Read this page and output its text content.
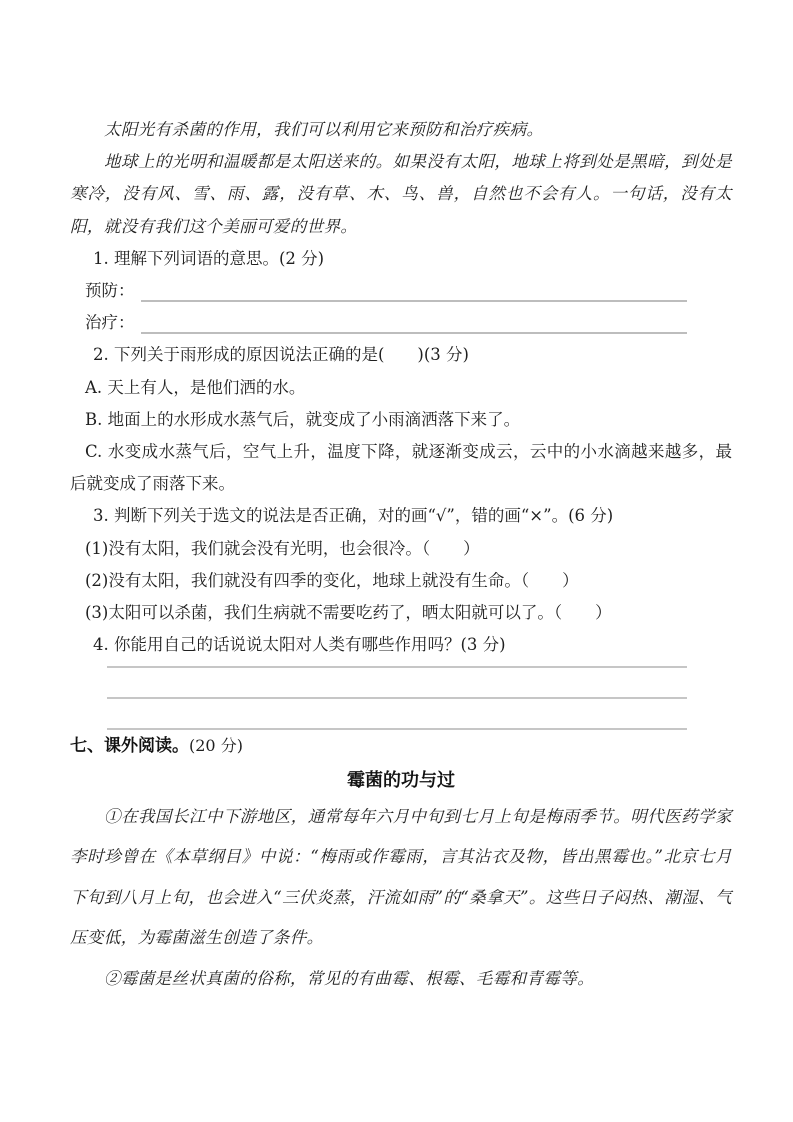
太阳光有杀菌的作用，我们可以利用它来预防和治疗疾病。

地球上的光明和温暖都是太阳送来的。如果没有太阳，地球上将到处是黑暗，到处是寒冷，没有风、雪、雨、露，没有草、木、鸟、兽，自然也不会有人。一句话，没有太阳，就没有我们这个美丽可爱的世界。

1. 理解下列词语的意思。(2 分)

预防：
治疗：

2. 下列关于雨形成的原因说法正确的是(　　)(3 分)

A. 天上有人，是他们洒的水。

B. 地面上的水形成水蒸气后，就变成了小雨滴洒落下来了。

C. 水变成水蒸气后，空气上升，温度下降，就逐渐变成云，云中的小水滴越来越多，最后就变成了雨落下来。

3. 判断下列关于选文的说法是否正确，对的画“√”，错的画“×”。(6 分)

(1)没有太阳，我们就会没有光明，也会很冷。（　　）

(2)没有太阳，我们就没有四季的变化，地球上就没有生命。（　　）

(3)太阳可以杀菌，我们生病就不需要吃药了，晒太阳就可以了。（　　）

4. 你能用自己的话说说太阳对人类有哪些作用吗？(3 分)

七、课外阅读。(20 分)

霉菌的功与过

①在我国长江中下游地区，通常每年六月中旬到七月上旬是梅雨季节。明代医药学家李时珍曾在《本草纲目》中说：“梅雨或作霉雨，言其沾衣及物，皆出黑霉也。”北京七月下旬到八月上旬，也会进入“三伏炎蒸，汗流如雨”的“桑拿天”。这些日子闷热、潮湿、气压变低，为霉菌滋生创造了条件。

②霉菌是丝状真菌的俗称，常见的有曲霉、根霉、毛霉和青霉等。
